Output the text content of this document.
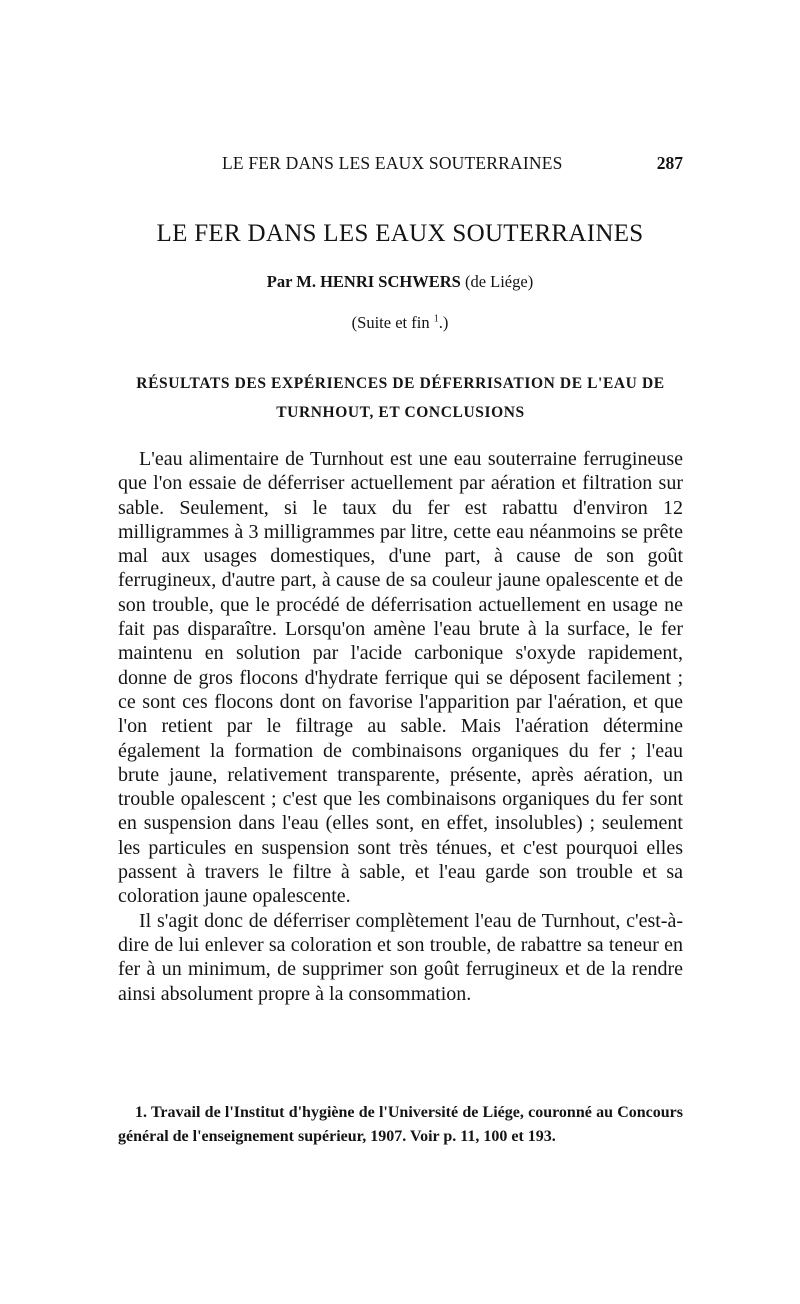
LE FER DANS LES EAUX SOUTERRAINES	287
LE FER DANS LES EAUX SOUTERRAINES
Par M. HENRI SCHWERS (de Liége)
(Suite et fin $^1$.)
RÉSULTATS DES EXPÉRIENCES DE DÉFERRISATION DE L'EAU DE TURNHOUT, ET CONCLUSIONS

L'eau alimentaire de Turnhout est une eau souterraine ferrugineuse que l'on essaie de déferriser actuellement par aération et filtration sur sable. Seulement, si le taux du fer est rabattu d'environ 12 milligrammes à 3 milligrammes par litre, cette eau néanmoins se prête mal aux usages domestiques, d'une part, à cause de son goût ferrugineux, d'autre part, à cause de sa couleur jaune opalescente et de son trouble, que le procédé de déferrisation actuellement en usage ne fait pas disparaître. Lorsqu'on amène l'eau brute à la surface, le fer maintenu en solution par l'acide carbonique s'oxyde rapidement, donne de gros flocons d'hydrate ferrique qui se déposent facilement ; ce sont ces flocons dont on favorise l'apparition par l'aération, et que l'on retient par le filtrage au sable. Mais l'aération détermine également la formation de combinaisons organiques du fer ; l'eau brute jaune, relativement transparente, présente, après aération, un trouble opalescent ; c'est que les combinaisons organiques du fer sont en suspension dans l'eau (elles sont, en effet, insolubles) ; seulement les particules en suspension sont très ténues, et c'est pourquoi elles passent à travers le filtre à sable, et l'eau garde son trouble et sa coloration jaune opalescente.

Il s'agit donc de déferriser complètement l'eau de Turnhout, c'est-à-dire de lui enlever sa coloration et son trouble, de rabattre sa teneur en fer à un minimum, de supprimer son goût ferrugineux et de la rendre ainsi absolument propre à la consommation.

1. Travail de l'Institut d'hygiène de l'Université de Liége, couronné au Concours général de l'enseignement supérieur, 1907. Voir p. 11, 100 et 193.
